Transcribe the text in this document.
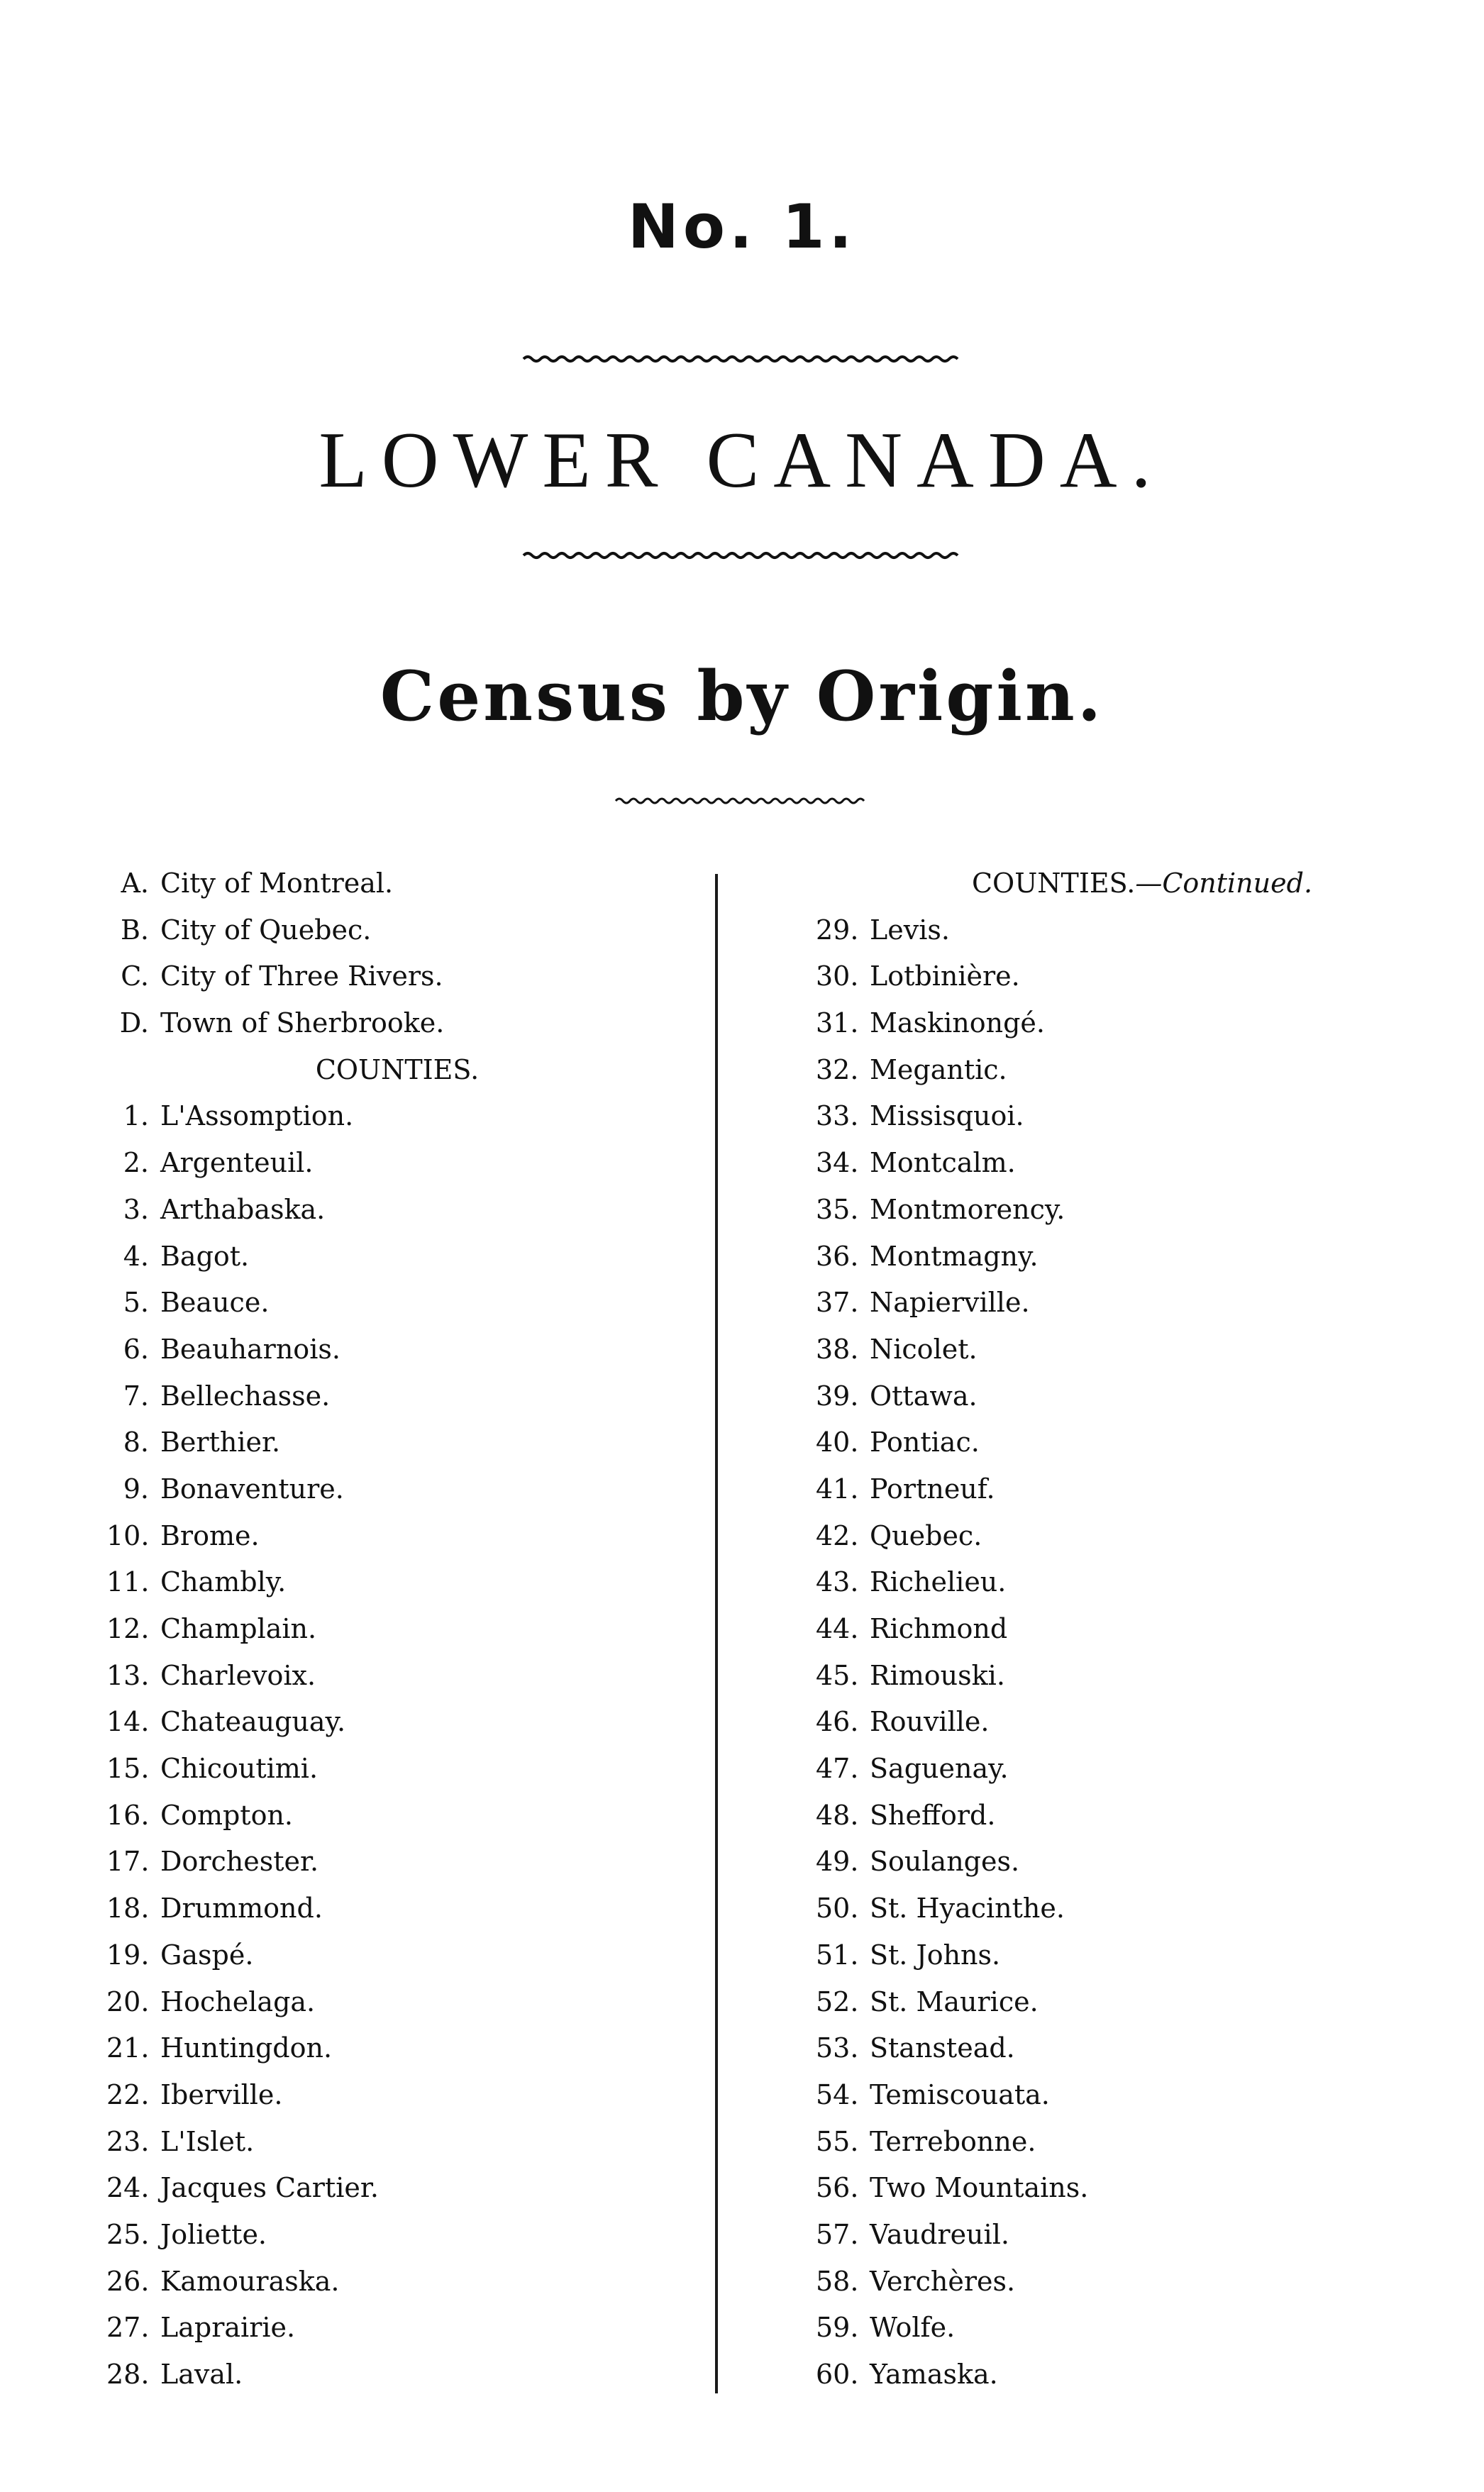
No. 1.
LOWER CANADA.
Census by Origin.
A. City of Montreal.
B. City of Quebec.
C. City of Three Rivers.
D. Town of Sherbrooke.
COUNTIES.
1. L'Assomption.
2. Argenteuil.
3. Arthabaska.
4. Bagot.
5. Beauce.
6. Beauharnois.
7. Bellechasse.
8. Berthier.
9. Bonaventure.
10. Brome.
11. Chambly.
12. Champlain.
13. Charlevoix.
14. Chateauguay.
15. Chicoutimi.
16. Compton.
17. Dorchester.
18. Drummond.
19. Gaspé.
20. Hochelaga.
21. Huntingdon.
22. Iberville.
23. L'Islet.
24. Jacques Cartier.
25. Joliette.
26. Kamouraska.
27. Laprairie.
28. Laval.
COUNTIES.—Continued.
29. Levis.
30. Lotbinière.
31. Maskinongé.
32. Megantic.
33. Missisquoi.
34. Montcalm.
35. Montmorency.
36. Montmagny.
37. Napierville.
38. Nicolet.
39. Ottawa.
40. Pontiac.
41. Portneuf.
42. Quebec.
43. Richelieu.
44. Richmond
45. Rimouski.
46. Rouville.
47. Saguenay.
48. Shefford.
49. Soulanges.
50. St. Hyacinthe.
51. St. Johns.
52. St. Maurice.
53. Stanstead.
54. Temiscouata.
55. Terrebonne.
56. Two Mountains.
57. Vaudreuil.
58. Verchères.
59. Wolfe.
60. Yamaska.
